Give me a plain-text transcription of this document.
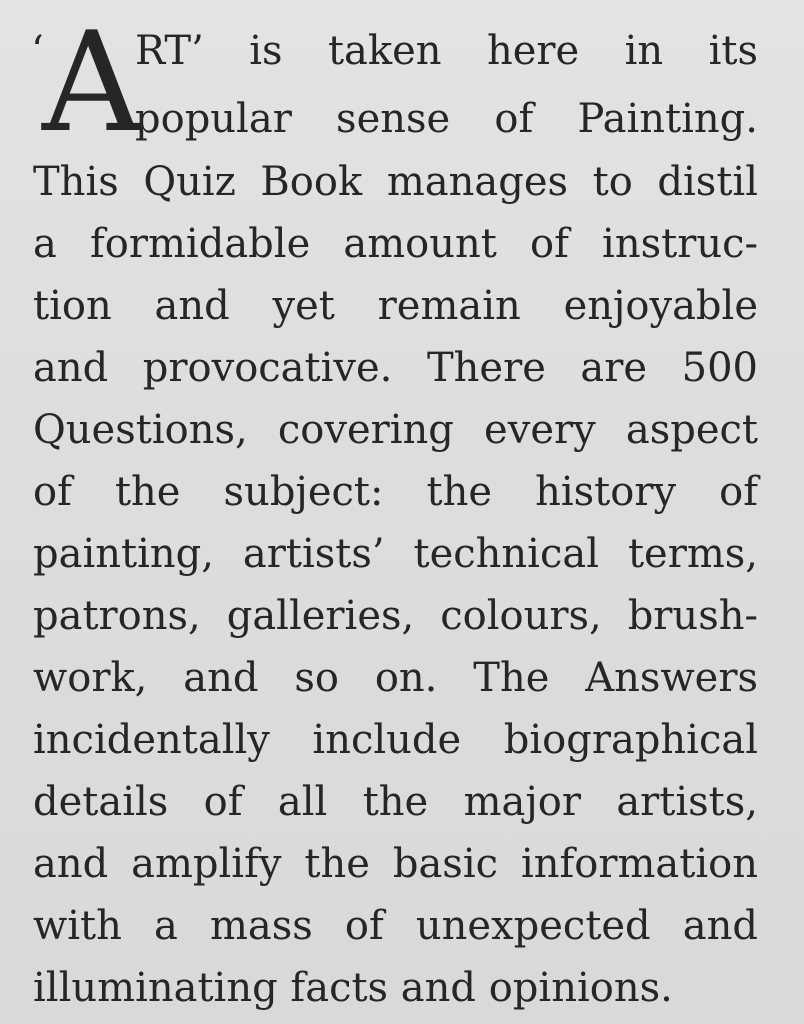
‘
A
RT’ is taken here in its
popular sense of Painting.
This Quiz Book manages to distil
a formidable amount of instruc-
tion and yet remain enjoyable
and provocative. There are 500
Questions, covering every aspect
of the subject: the history of
painting, artists’ technical terms,
patrons, galleries, colours, brush-
work, and so on. The Answers
incidentally include biographical
details of all the major artists,
and amplify the basic information
with a mass of unexpected and
illuminating facts and opinions.
